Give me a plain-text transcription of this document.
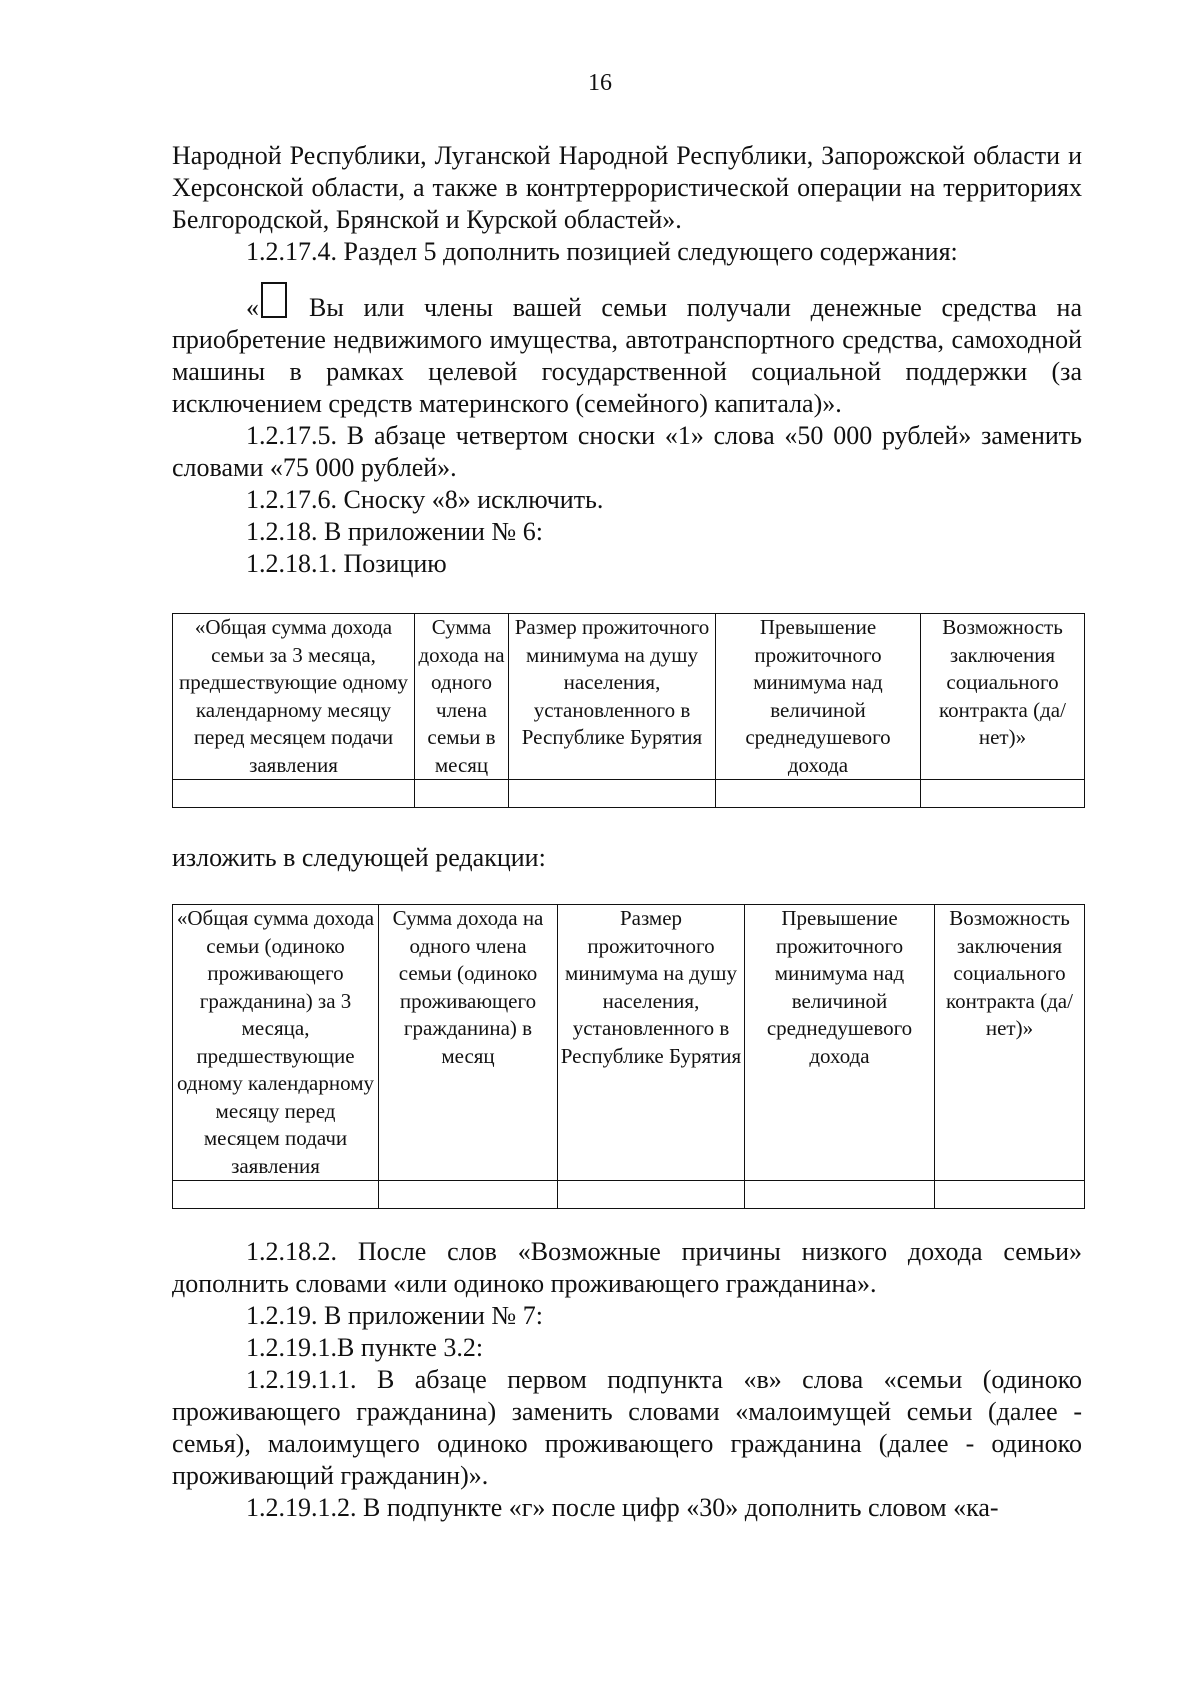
16

Народной Республики, Луганской Народной Республики, Запорожской области и Херсонской области, а также в контртеррористической операции на территориях Белгородской, Брянской и Курской областей».

1.2.17.4. Раздел 5 дополнить позицией следующего содержания:

« Вы или члены вашей семьи получали денежные средства на приобретение недвижимого имущества, автотранспортного средства, самоходной машины в рамках целевой государственной социальной поддержки (за исключением средств материнского (семейного) капитала)».

1.2.17.5. В абзаце четвертом сноски «1» слова «50 000 рублей» заменить словами «75 000 рублей».

1.2.17.6. Сноску «8» исключить.

1.2.18. В приложении № 6:

1.2.18.1. Позицию

«Общая сумма дохода семьи за 3 месяца, предшествующие одному календарному месяцу перед месяцем подачи заявления	Сумма дохода на одного члена семьи в месяц	Размер прожиточного минимума на душу населения, установленного в Республике Бурятия	Превышение прожиточного минимума над величиной среднедушевого дохода	Возможность заключения социального контракта (да/нет)»

изложить в следующей редакции:

«Общая сумма дохода семьи (одиноко проживающего гражданина) за 3 месяца, предшествующие одному календарному месяцу перед месяцем подачи заявления	Сумма дохода на одного члена семьи (одиноко проживающего гражданина) в месяц	Размер прожиточного минимума на душу населения, установленного в Республике Бурятия	Превышение прожиточного минимума над величиной среднедушевого дохода	Возможность заключения социального контракта (да/нет)»

1.2.18.2. После слов «Возможные причины низкого дохода семьи» дополнить словами «или одиноко проживающего гражданина».

1.2.19. В приложении № 7:

1.2.19.1.В пункте 3.2:

1.2.19.1.1. В абзаце первом подпункта «в» слова «семьи (одиноко проживающего гражданина) заменить словами «малоимущей семьи (далее - семья), малоимущего одиноко проживающего гражданина (далее - одиноко проживающий гражданин)».

1.2.19.1.2. В подпункте «г» после цифр «30» дополнить словом «ка-
